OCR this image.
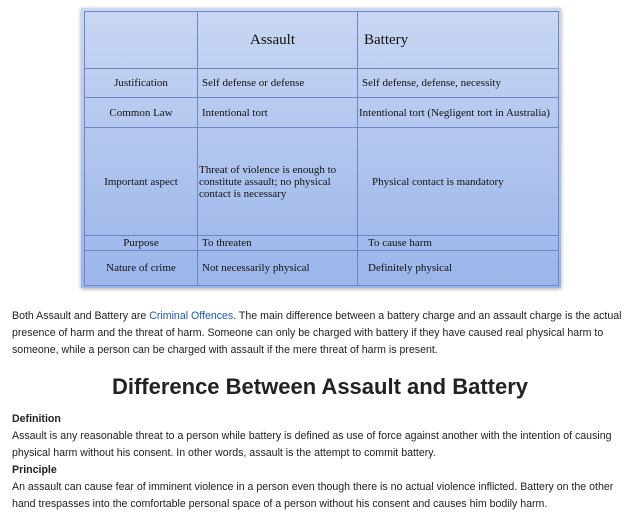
	Assault	Battery
Justification	Self defense or defense	Self defense, defense, necessity
Common Law	Intentional tort	Intentional tort (Negligent tort in Australia)
Important aspect	Threat of violence is enough to constitute assault; no physical contact is necessary	Physical contact is mandatory
Purpose	To threaten	To cause harm
Nature of crime	Not necessarily physical	Definitely physical

Both Assault and Battery are Criminal Offences. The main difference between a battery charge and an assault charge is the actual presence of harm and the threat of harm. Someone can only be charged with battery if they have caused real physical harm to someone, while a person can be charged with assault if the mere threat of harm is present.

Difference Between Assault and Battery

Definition

Assault is any reasonable threat to a person while battery is defined as use of force against another with the intention of causing physical harm without his consent. In other words, assault is the attempt to commit battery.

Principle

An assault can cause fear of imminent violence in a person even though there is no actual violence inflicted. Battery on the other hand trespasses into the comfortable personal space of a person without his consent and causes him bodily harm.
